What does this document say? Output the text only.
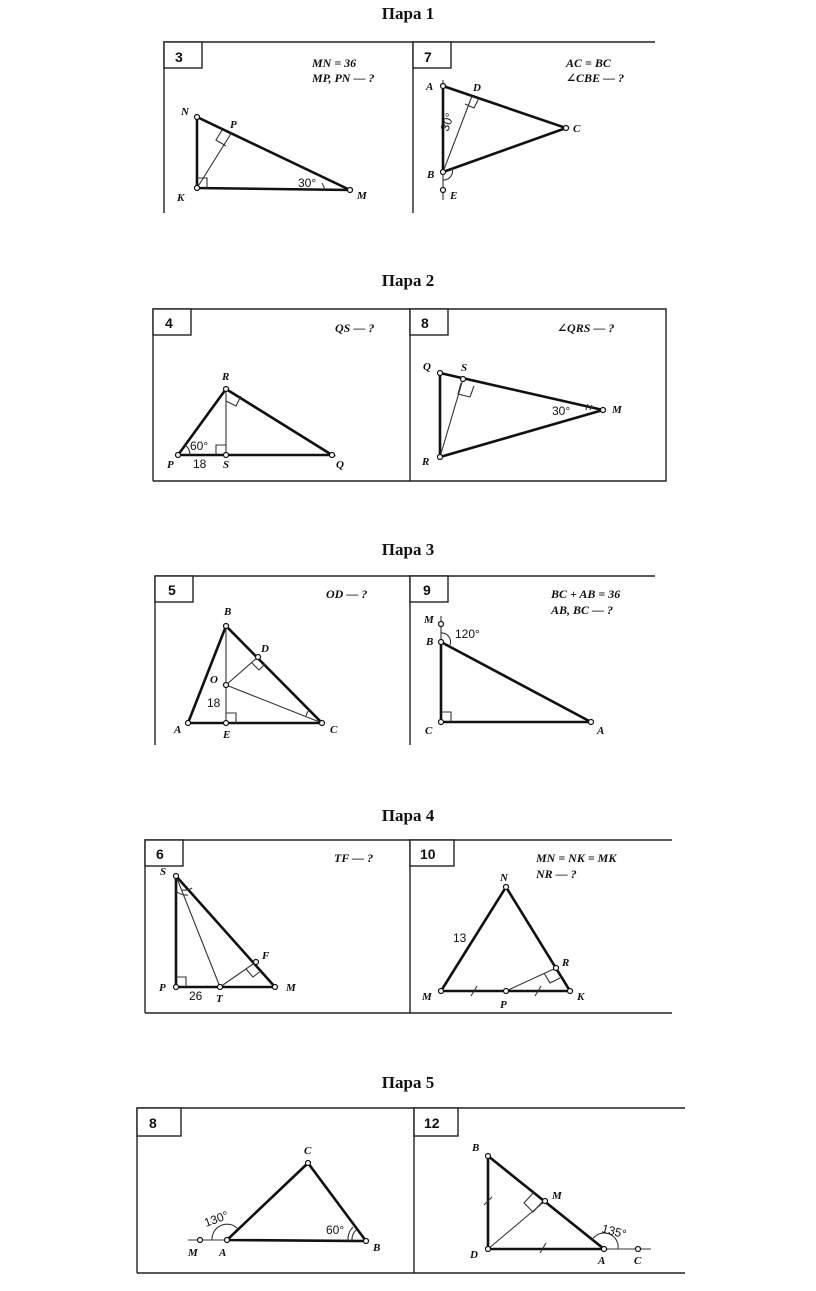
Пара 1
Пара 2
Пара 3
Пара 4
Пара 5
3	MN = 36
MP, PN — ?
N
P
K	M
30°
7	AC = BC
∠CBE — ?
A	D
C
B
E
30°
4	QS — ?
R
P	S	Q
60°
18
8	∠QRS — ?
Q	S
M
R
30°
5	OD — ?
B
D
O
A	E	C
18
9	BC + AB = 36
AB, BC — ?
M
B
C	A
120°
6	TF — ?
S
F
P
T
M
26
10	MN = NK = MK
NR — ?
N
R
M
P
K
13
8
C
M A	B
130°
60°
12
B
M
D	A	C
135°
